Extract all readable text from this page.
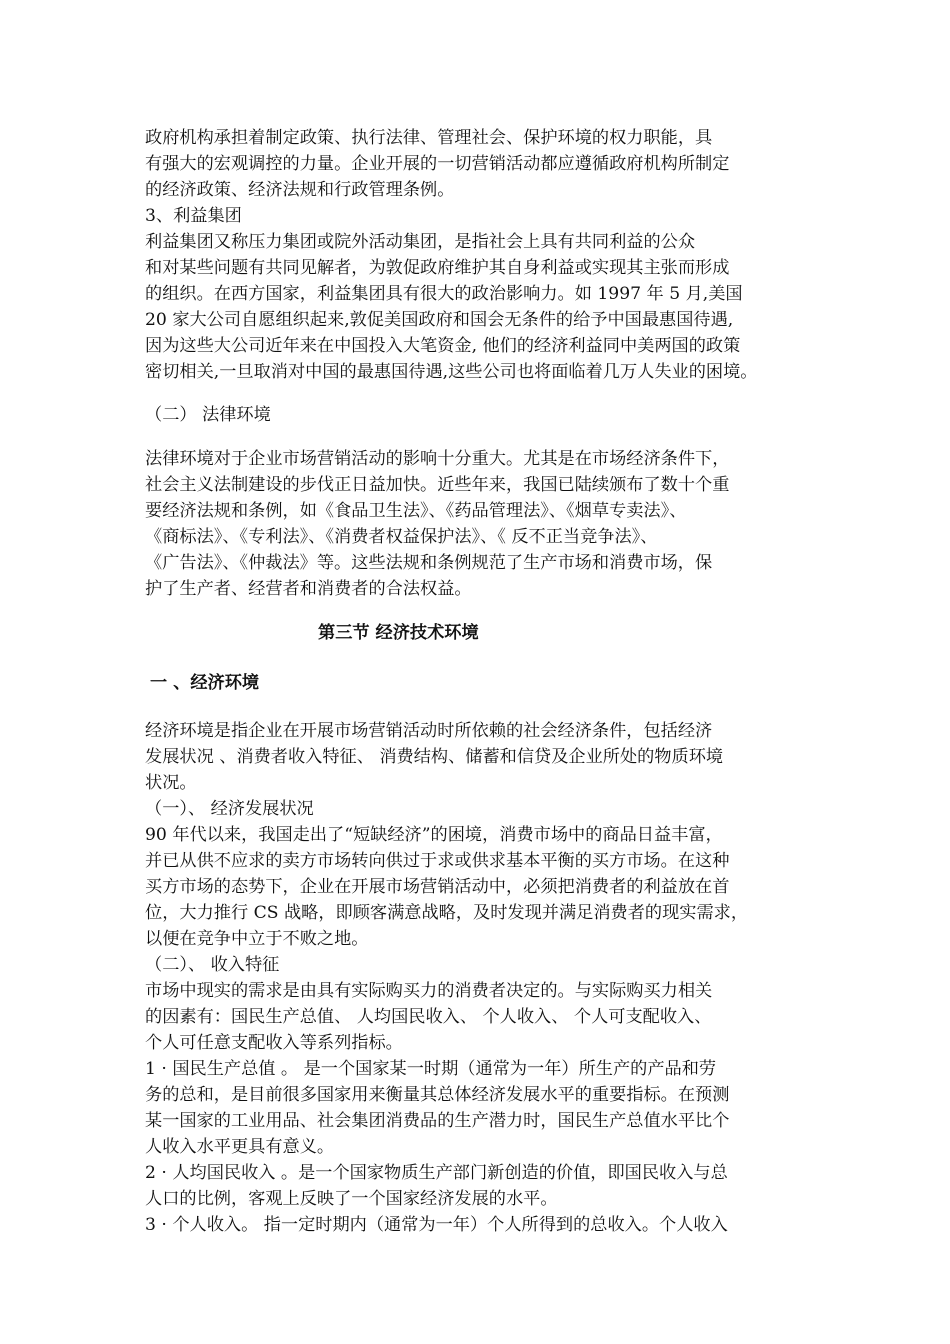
政府机构承担着制定政策、执行法律、管理社会、保护环境的权力职能，具
有强大的宏观调控的力量。企业开展的一切营销活动都应遵循政府机构所制定
的经济政策、经济法规和行政管理条例。
3、利益集团
利益集团又称压力集团或院外活动集团，是指社会上具有共同利益的公众
和对某些问题有共同见解者，为敦促政府维护其自身利益或实现其主张而形成
的组织。在西方国家，利益集团具有很大的政治影响力。如 1997 年 5 月,美国
20 家大公司自愿组织起来,敦促美国政府和国会无条件的给予中国最惠国待遇,
因为这些大公司近年来在中国投入大笔资金, 他们的经济利益同中美两国的政策
密切相关,一旦取消对中国的最惠国待遇,这些公司也将面临着几万人失业的困境。
（二） 法律环境
法律环境对于企业市场营销活动的影响十分重大。尤其是在市场经济条件下，
社会主义法制建设的步伐正日益加快。近些年来，我国已陆续颁布了数十个重
要经济法规和条例，如《食品卫生法》、《药品管理法》、《烟草专卖法》、
《商标法》、《专利法》、《消费者权益保护法》、《 反不正当竞争法》、
《广告法》、《仲裁法》等。这些法规和条例规范了生产市场和消费市场，保
护了生产者、经营者和消费者的合法权益。
第三节 经济技术环境
一 、经济环境
经济环境是指企业在开展市场营销活动时所依赖的社会经济条件，包括经济
发展状况 、消费者收入特征、 消费结构、储蓄和信贷及企业所处的物质环境
状况。
（一）、 经济发展状况
90 年代以来，我国走出了“短缺经济”的困境，消费市场中的商品日益丰富，
并已从供不应求的卖方市场转向供过于求或供求基本平衡的买方市场。在这种
买方市场的态势下，企业在开展市场营销活动中，必须把消费者的利益放在首
位，大力推行 CS 战略，即顾客满意战略，及时发现并满足消费者的现实需求，
以便在竞争中立于不败之地。
（二）、 收入特征
市场中现实的需求是由具有实际购买力的消费者决定的。与实际购买力相关
的因素有：国民生产总值、 人均国民收入、 个人收入、 个人可支配收入、
个人可任意支配收入等系列指标。
1 · 国民生产总值 。 是一个国家某一时期（通常为一年）所生产的产品和劳
务的总和，是目前很多国家用来衡量其总体经济发展水平的重要指标。在预测
某一国家的工业用品、社会集团消费品的生产潜力时，国民生产总值水平比个
人收入水平更具有意义。
2 · 人均国民收入 。是一个国家物质生产部门新创造的价值，即国民收入与总
人口的比例，客观上反映了一个国家经济发展的水平。
3 · 个人收入。 指一定时期内（通常为一年）个人所得到的总收入。个人收入
